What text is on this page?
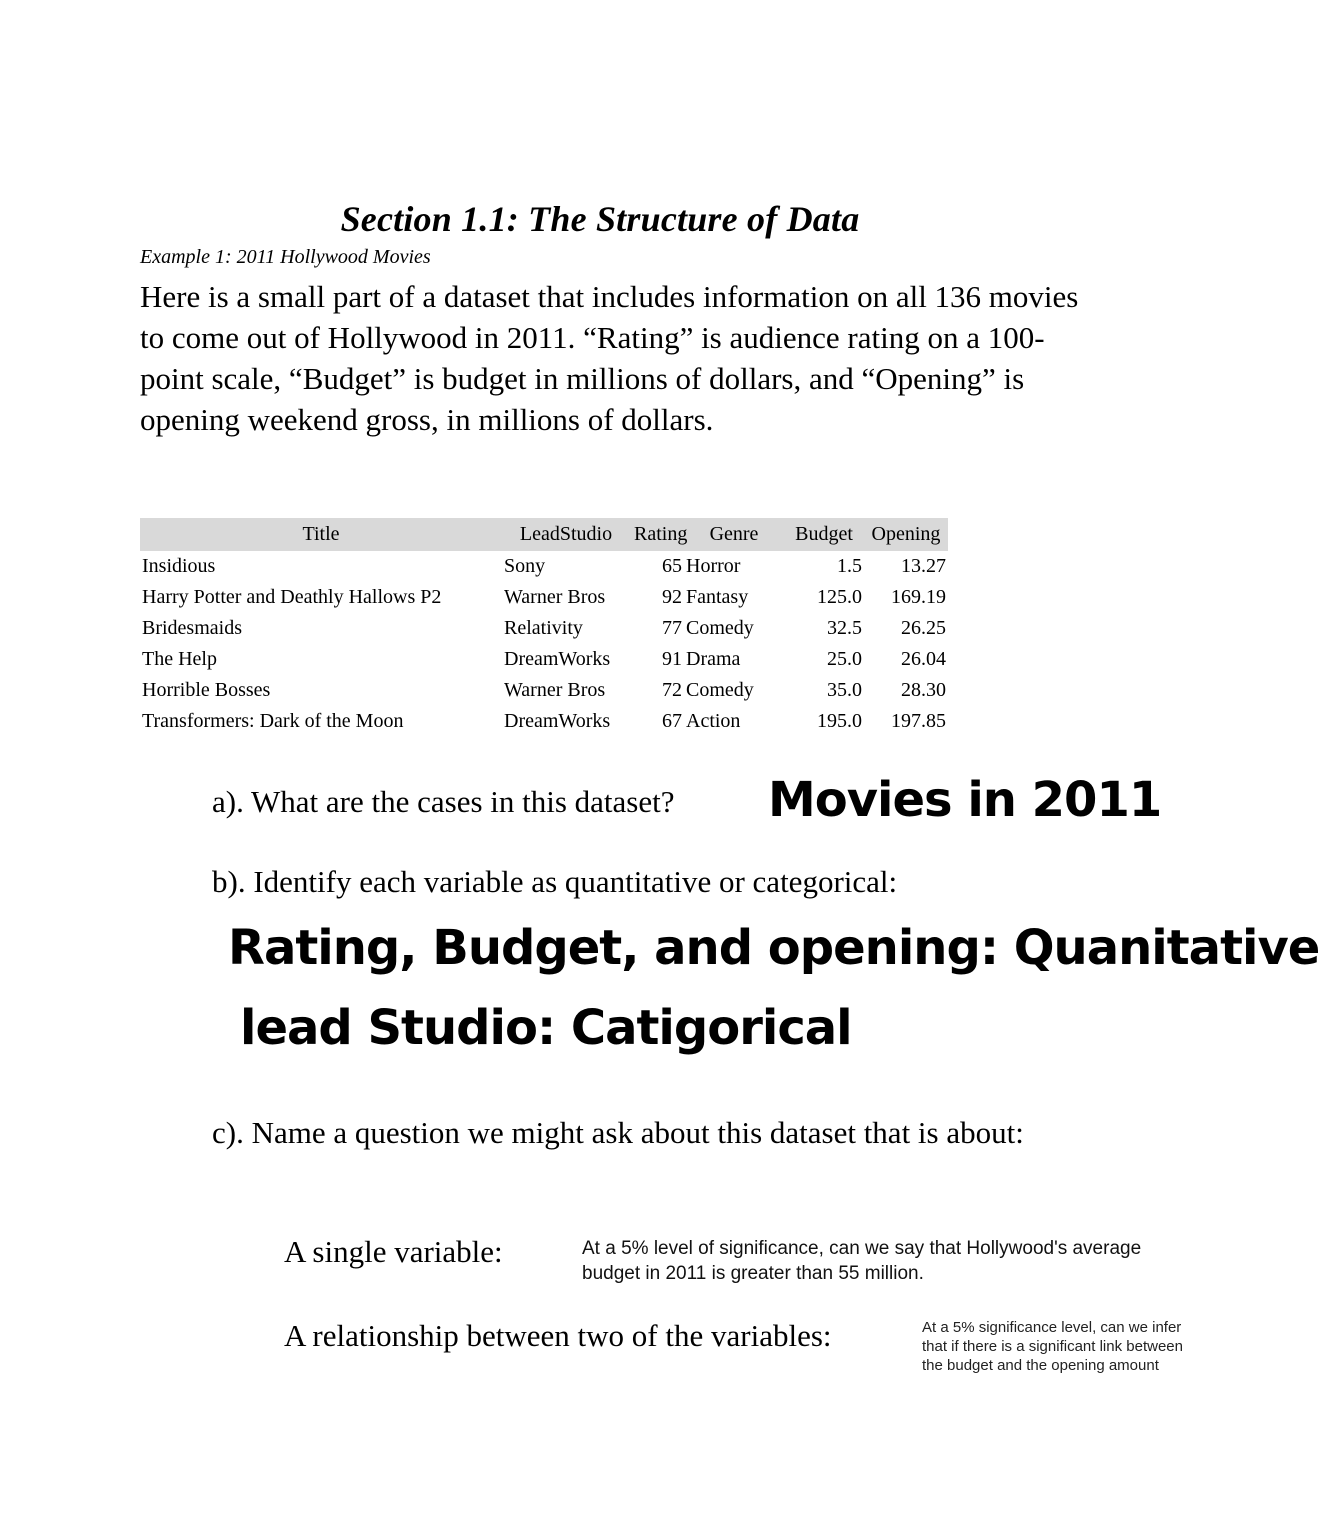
Section 1.1: The Structure of Data
Example 1: 2011 Hollywood Movies
Here is a small part of a dataset that includes information on all 136 movies to come out of Hollywood in 2011. “Rating” is audience rating on a 100-point scale, “Budget” is budget in millions of dollars, and “Opening” is opening weekend gross, in millions of dollars.
Title	LeadStudio	Rating	Genre	Budget	Opening
Insidious	Sony	65	Horror	1.5	13.27
Harry Potter and Deathly Hallows P2	Warner Bros	92	Fantasy	125.0	169.19
Bridesmaids	Relativity	77	Comedy	32.5	26.25
The Help	DreamWorks	91	Drama	25.0	26.04
Horrible Bosses	Warner Bros	72	Comedy	35.0	28.30
Transformers: Dark of the Moon	DreamWorks	67	Action	195.0	197.85
a). What are the cases in this dataset? Movies in 2011
b). Identify each variable as quantitative or categorical:
Rating, Budget, and opening: Quanitative
lead Studio: Catigorical
c). Name a question we might ask about this dataset that is about:
A single variable:	At a 5% level of significance, can we say that Hollywood's average budget in 2011 is greater than 55 million.
A relationship between two of the variables:	At a 5% significance level, can we infer that if there is a significant link between the budget and the opening amount
